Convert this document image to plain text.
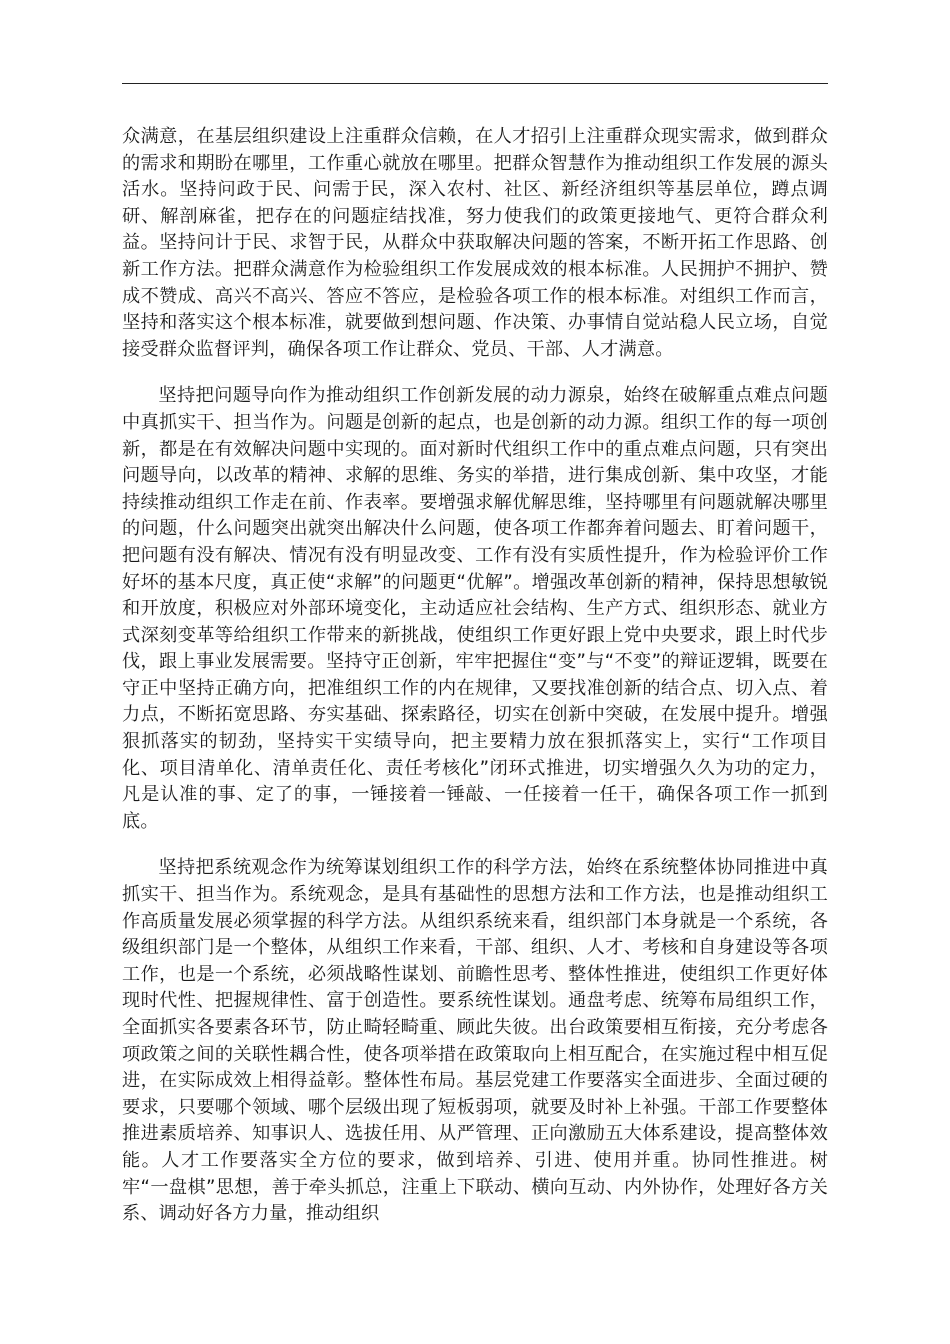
众满意，在基层组织建设上注重群众信赖，在人才招引上注重群众现实需求，做到群众的需求和期盼在哪里，工作重心就放在哪里。把群众智慧作为推动组织工作发展的源头活水。坚持问政于民、问需于民，深入农村、社区、新经济组织等基层单位，蹲点调研、解剖麻雀，把存在的问题症结找准，努力使我们的政策更接地气、更符合群众利益。坚持问计于民、求智于民，从群众中获取解决问题的答案，不断开拓工作思路、创新工作方法。把群众满意作为检验组织工作发展成效的根本标准。人民拥护不拥护、赞成不赞成、高兴不高兴、答应不答应，是检验各项工作的根本标准。对组织工作而言，坚持和落实这个根本标准，就要做到想问题、作决策、办事情自觉站稳人民立场，自觉接受群众监督评判，确保各项工作让群众、党员、干部、人才满意。

坚持把问题导向作为推动组织工作创新发展的动力源泉，始终在破解重点难点问题中真抓实干、担当作为。问题是创新的起点，也是创新的动力源。组织工作的每一项创新，都是在有效解决问题中实现的。面对新时代组织工作中的重点难点问题，只有突出问题导向，以改革的精神、求解的思维、务实的举措，进行集成创新、集中攻坚，才能持续推动组织工作走在前、作表率。要增强求解优解思维，坚持哪里有问题就解决哪里的问题，什么问题突出就突出解决什么问题，使各项工作都奔着问题去、盯着问题干，把问题有没有解决、情况有没有明显改变、工作有没有实质性提升，作为检验评价工作好坏的基本尺度，真正使“求解”的问题更“优解”。增强改革创新的精神，保持思想敏锐和开放度，积极应对外部环境变化，主动适应社会结构、生产方式、组织形态、就业方式深刻变革等给组织工作带来的新挑战，使组织工作更好跟上党中央要求，跟上时代步伐，跟上事业发展需要。坚持守正创新，牢牢把握住“变”与“不变”的辩证逻辑，既要在守正中坚持正确方向，把准组织工作的内在规律，又要找准创新的结合点、切入点、着力点，不断拓宽思路、夯实基础、探索路径，切实在创新中突破，在发展中提升。增强狠抓落实的韧劲，坚持实干实绩导向，把主要精力放在狠抓落实上，实行“工作项目化、项目清单化、清单责任化、责任考核化”闭环式推进，切实增强久久为功的定力，凡是认准的事、定了的事，一锤接着一锤敲、一任接着一任干，确保各项工作一抓到底。

坚持把系统观念作为统筹谋划组织工作的科学方法，始终在系统整体协同推进中真抓实干、担当作为。系统观念，是具有基础性的思想方法和工作方法，也是推动组织工作高质量发展必须掌握的科学方法。从组织系统来看，组织部门本身就是一个系统，各级组织部门是一个整体，从组织工作来看，干部、组织、人才、考核和自身建设等各项工作，也是一个系统，必须战略性谋划、前瞻性思考、整体性推进，使组织工作更好体现时代性、把握规律性、富于创造性。要系统性谋划。通盘考虑、统筹布局组织工作，全面抓实各要素各环节，防止畸轻畸重、顾此失彼。出台政策要相互衔接，充分考虑各项政策之间的关联性耦合性，使各项举措在政策取向上相互配合，在实施过程中相互促进，在实际成效上相得益彰。整体性布局。基层党建工作要落实全面进步、全面过硬的要求，只要哪个领域、哪个层级出现了短板弱项，就要及时补上补强。干部工作要整体推进素质培养、知事识人、选拔任用、从严管理、正向激励五大体系建设，提高整体效能。人才工作要落实全方位的要求，做到培养、引进、使用并重。协同性推进。树牢“一盘棋”思想，善于牵头抓总，注重上下联动、横向互动、内外协作，处理好各方关系、调动好各方力量，推动组织
